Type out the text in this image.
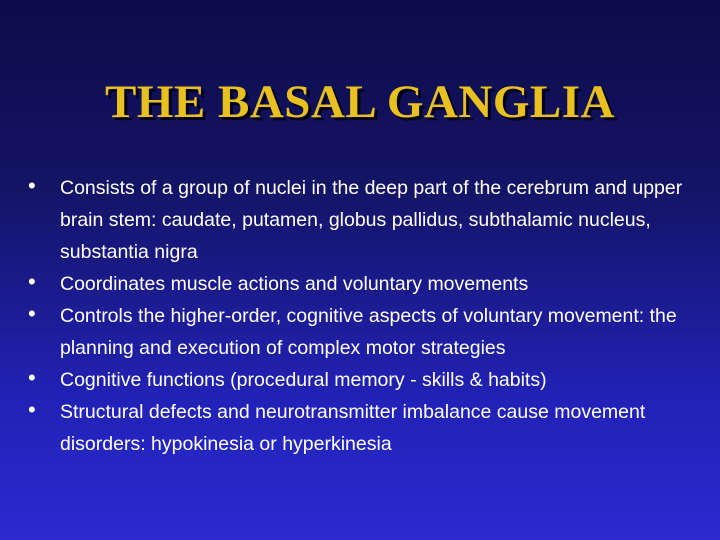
THE BASAL GANGLIA
• Consists of a group of nuclei in the deep part of the cerebrum and upper brain stem: caudate, putamen, globus pallidus, subthalamic nucleus, substantia nigra
• Coordinates muscle actions and voluntary movements
• Controls the higher-order, cognitive aspects of voluntary movement: the planning and execution of complex motor strategies
• Cognitive functions (procedural memory - skills & habits)
• Structural defects and neurotransmitter imbalance cause movement disorders: hypokinesia or hyperkinesia
